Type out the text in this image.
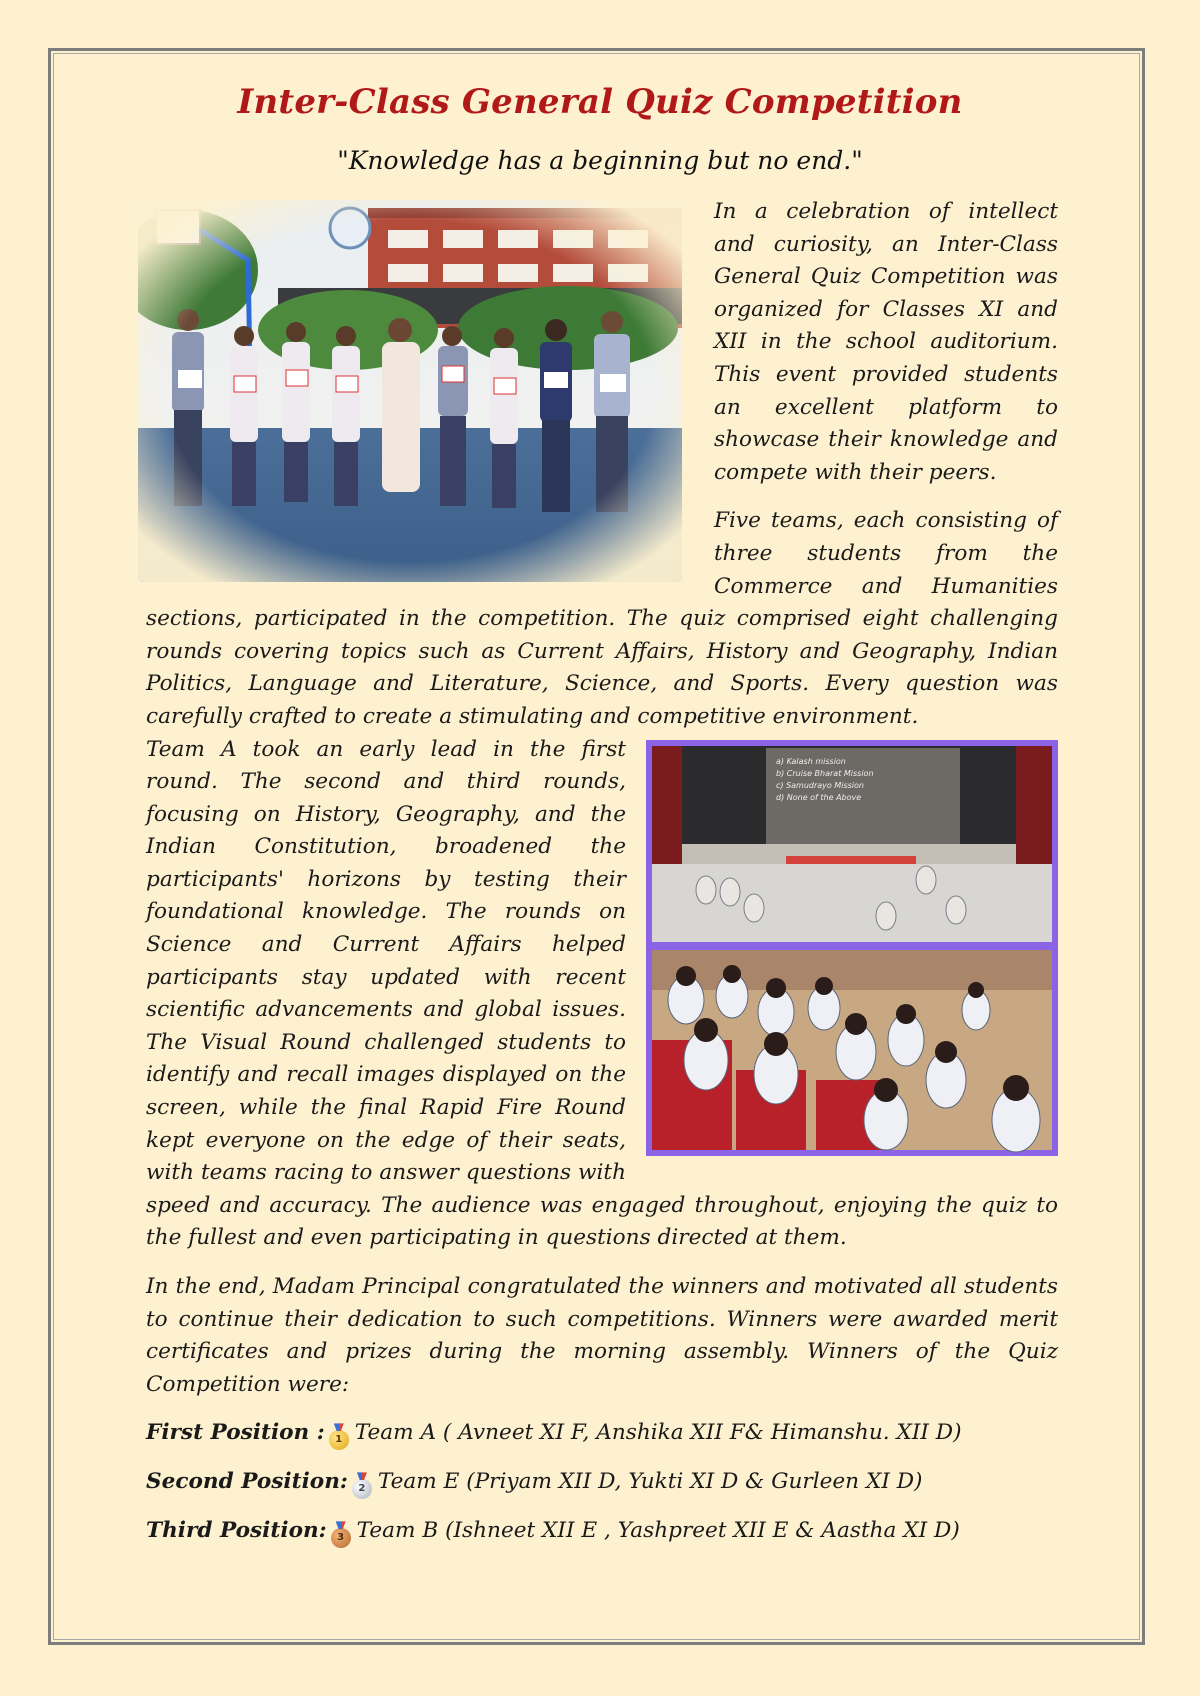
Inter-Class General Quiz Competition

"Knowledge has a beginning but no end."

In a celebration of intellect and curiosity, an Inter-Class General Quiz Competition was organized for Classes XI and XII in the school auditorium. This event provided students an excellent platform to showcase their knowledge and compete with their peers.

Five teams, each consisting of three students from the Commerce and Humanities sections, participated in the competition. The quiz comprised eight challenging rounds covering topics such as Current Affairs, History and Geography, Indian Politics, Language and Literature, Science, and Sports. Every question was carefully crafted to create a stimulating and competitive environment.

a) Kalash mission
b) Cruise Bharat Mission
c) Samudrayo Mission
d) None of the Above

Team A took an early lead in the first round. The second and third rounds, focusing on History, Geography, and the Indian Constitution, broadened the participants' horizons by testing their foundational knowledge. The rounds on Science and Current Affairs helped participants stay updated with recent scientific advancements and global issues. The Visual Round challenged students to identify and recall images displayed on the screen, while the final Rapid Fire Round kept everyone on the edge of their seats, with teams racing to answer questions with speed and accuracy. The audience was engaged throughout, enjoying the quiz to the fullest and even participating in questions directed at them.

In the end, Madam Principal congratulated the winners and motivated all students to continue their dedication to such competitions. Winners were awarded merit certificates and prizes during the morning assembly. Winners of the Quiz Competition were:

First Position : 1 Team A ( Avneet XI F, Anshika XII F& Himanshu. XII D)

Second Position: 2 Team E (Priyam XII D, Yukti XI D & Gurleen XI D)

Third Position: 3 Team B (Ishneet XII E , Yashpreet XII E & Aastha XI D)
